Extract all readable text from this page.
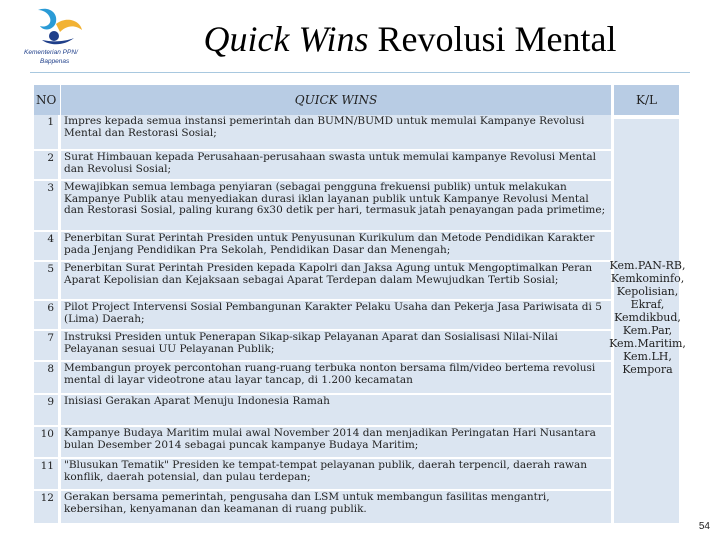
Kementerian PPN/
Bappenas
Quick Wins Revolusi Mental
NO	QUICK WINS	K/L
1 Impres kepada semua instansi pemerintah dan BUMN/BUMD untuk memulai Kampanye Revolusi Mental dan Restorasi Sosial;
2 Surat Himbauan kepada Perusahaan-perusahaan swasta untuk memulai kampanye Revolusi Mental dan Revolusi Sosial;
3 Mewajibkan semua lembaga penyiaran (sebagai pengguna frekuensi publik) untuk melakukan Kampanye Publik atau menyediakan durasi iklan layanan publik untuk Kampanye Revolusi Mental dan Restorasi Sosial, paling kurang 6x30 detik per hari, termasuk jatah penayangan pada primetime;
4 Penerbitan Surat Perintah Presiden untuk Penyusunan Kurikulum dan Metode Pendidikan Karakter pada Jenjang Pendidikan Pra Sekolah, Pendidikan Dasar dan Menengah;
5 Penerbitan Surat Perintah Presiden kepada Kapolri dan Jaksa Agung untuk Mengoptimalkan Peran Aparat Kepolisian dan Kejaksaan sebagai Aparat Terdepan dalam Mewujudkan Tertib Sosial;
6 Pilot Project Intervensi Sosial Pembangunan Karakter Pelaku Usaha dan Pekerja Jasa Pariwisata di 5 (Lima) Daerah;
7 Instruksi Presiden untuk Penerapan Sikap-sikap Pelayanan Aparat dan Sosialisasi Nilai-Nilai Pelayanan sesuai UU Pelayanan Publik;
8 Membangun proyek percontohan ruang-ruang terbuka nonton bersama film/video bertema revolusi mental di layar videotrone atau layar tancap, di 1.200 kecamatan
9 Inisiasi Gerakan Aparat Menuju Indonesia Ramah
10 Kampanye Budaya Maritim mulai awal November 2014 dan menjadikan Peringatan Hari Nusantara bulan Desember 2014 sebagai puncak kampanye Budaya Maritim;
11 "Blusukan Tematik" Presiden ke tempat-tempat pelayanan publik, daerah terpencil, daerah rawan konflik, daerah potensial, dan pulau terdepan;
12 Gerakan bersama pemerintah, pengusaha dan LSM untuk membangun fasilitas mengantri, kebersihan, kenyamanan dan keamanan di ruang publik.
Kem.PAN-RB, Kemkominfo, Kepolisian, Ekraf, Kemdikbud, Kem.Par, Kem.Maritim, Kem.LH, Kempora
54
